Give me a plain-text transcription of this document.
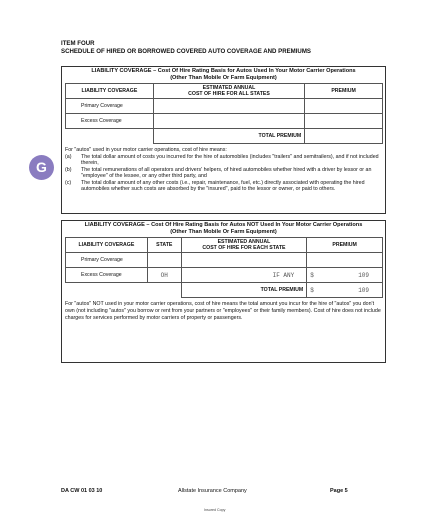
ITEM FOUR
SCHEDULE OF HIRED OR BORROWED COVERED AUTO COVERAGE AND PREMIUMS
LIABILITY COVERAGE – Cost Of Hire Rating Basis for Autos Used In Your Motor Carrier Operations
(Other Than Mobile Or Farm Equipment)
LIABILITY COVERAGE	ESTIMATED ANNUAL
COST OF HIRE FOR ALL STATES	PREMIUM
Primary Coverage		
Excess Coverage		
	TOTAL PREMIUM	
For "autos" used in your motor carrier operations, cost of hire means:
(a)	The total dollar amount of costs you incurred for the hire of automobiles (includes "trailers" and semitrailers), and if not included therein,
(b)	The total remunerations of all operators and drivers' helpers, of hired automobiles whether hired with a driver by lessor or an "employee" of the lessee, or any other third party, and
(c)	The total dollar amount of any other costs (i.e., repair, maintenance, fuel, etc.) directly associated with operating the hired automobiles whether such costs are absorbed by the "insured", paid to the lessor or owner, or paid to others.
G
LIABILITY COVERAGE – Cost Of Hire Rating Basis for Autos NOT Used In Your Motor Carrier Operations
(Other Than Mobile Or Farm Equipment)
LIABILITY COVERAGE	STATE	ESTIMATED ANNUAL
COST OF HIRE FOR EACH STATE	PREMIUM
Primary Coverage			
Excess Coverage	OH	IF ANY	$ 109

		TOTAL PREMIUM	$ 109
For "autos" NOT used in your motor carrier operations, cost of hire means the total amount you incur for the hire of "autos" you don't own (not including "autos" you borrow or rent from your partners or "employees" or their family members). Cost of hire does not include charges for services performed by motor carriers of property or passengers.
DA CW 01 03 10	Allstate Insurance Company	Page 5
Insured Copy
